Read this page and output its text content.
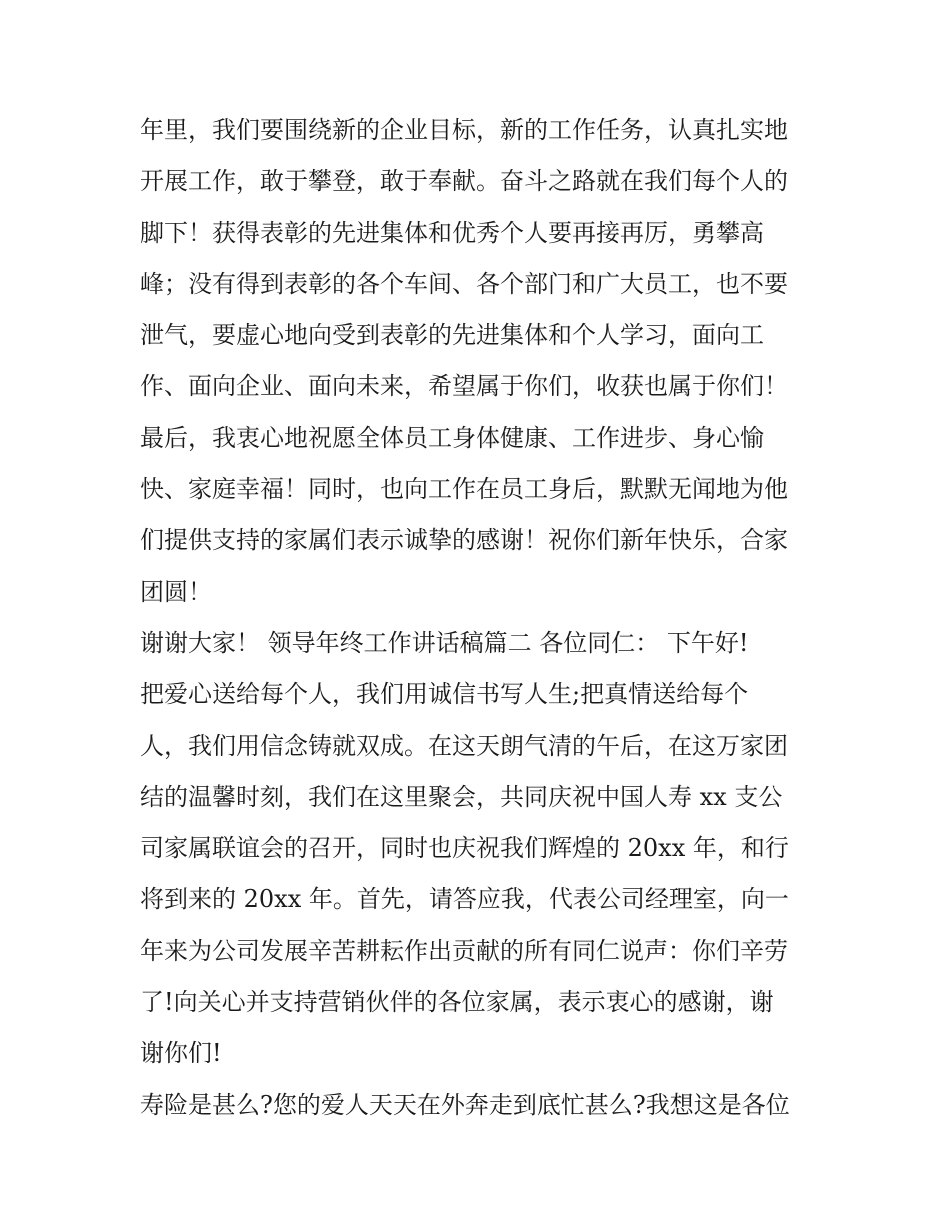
年里，我们要围绕新的企业目标，新的工作任务，认真扎实地
开展工作，敢于攀登，敢于奉献。奋斗之路就在我们每个人的
脚下！获得表彰的先进集体和优秀个人要再接再厉，勇攀高
峰；没有得到表彰的各个车间、各个部门和广大员工，也不要
泄气，要虚心地向受到表彰的先进集体和个人学习，面向工
作、面向企业、面向未来，希望属于你们，收获也属于你们！
最后，我衷心地祝愿全体员工身体健康、工作进步、身心愉
快、家庭幸福！同时，也向工作在员工身后，默默无闻地为他
们提供支持的家属们表示诚挚的感谢！祝你们新年快乐，合家
团圆！
谢谢大家！ 领导年终工作讲话稿篇二 各位同仁： 下午好!
把爱心送给每个人，我们用诚信书写人生;把真情送给每个
人，我们用信念铸就双成。在这天朗气清的午后，在这万家团
结的温馨时刻，我们在这里聚会，共同庆祝中国人寿 xx 支公
司家属联谊会的召开，同时也庆祝我们辉煌的 20xx 年，和行
将到来的 20xx 年。首先，请答应我，代表公司经理室，向一
年来为公司发展辛苦耕耘作出贡献的所有同仁说声：你们辛劳
了!向关心并支持营销伙伴的各位家属，表示衷心的感谢，谢
谢你们!
寿险是甚么?您的爱人天天在外奔走到底忙甚么?我想这是各位
